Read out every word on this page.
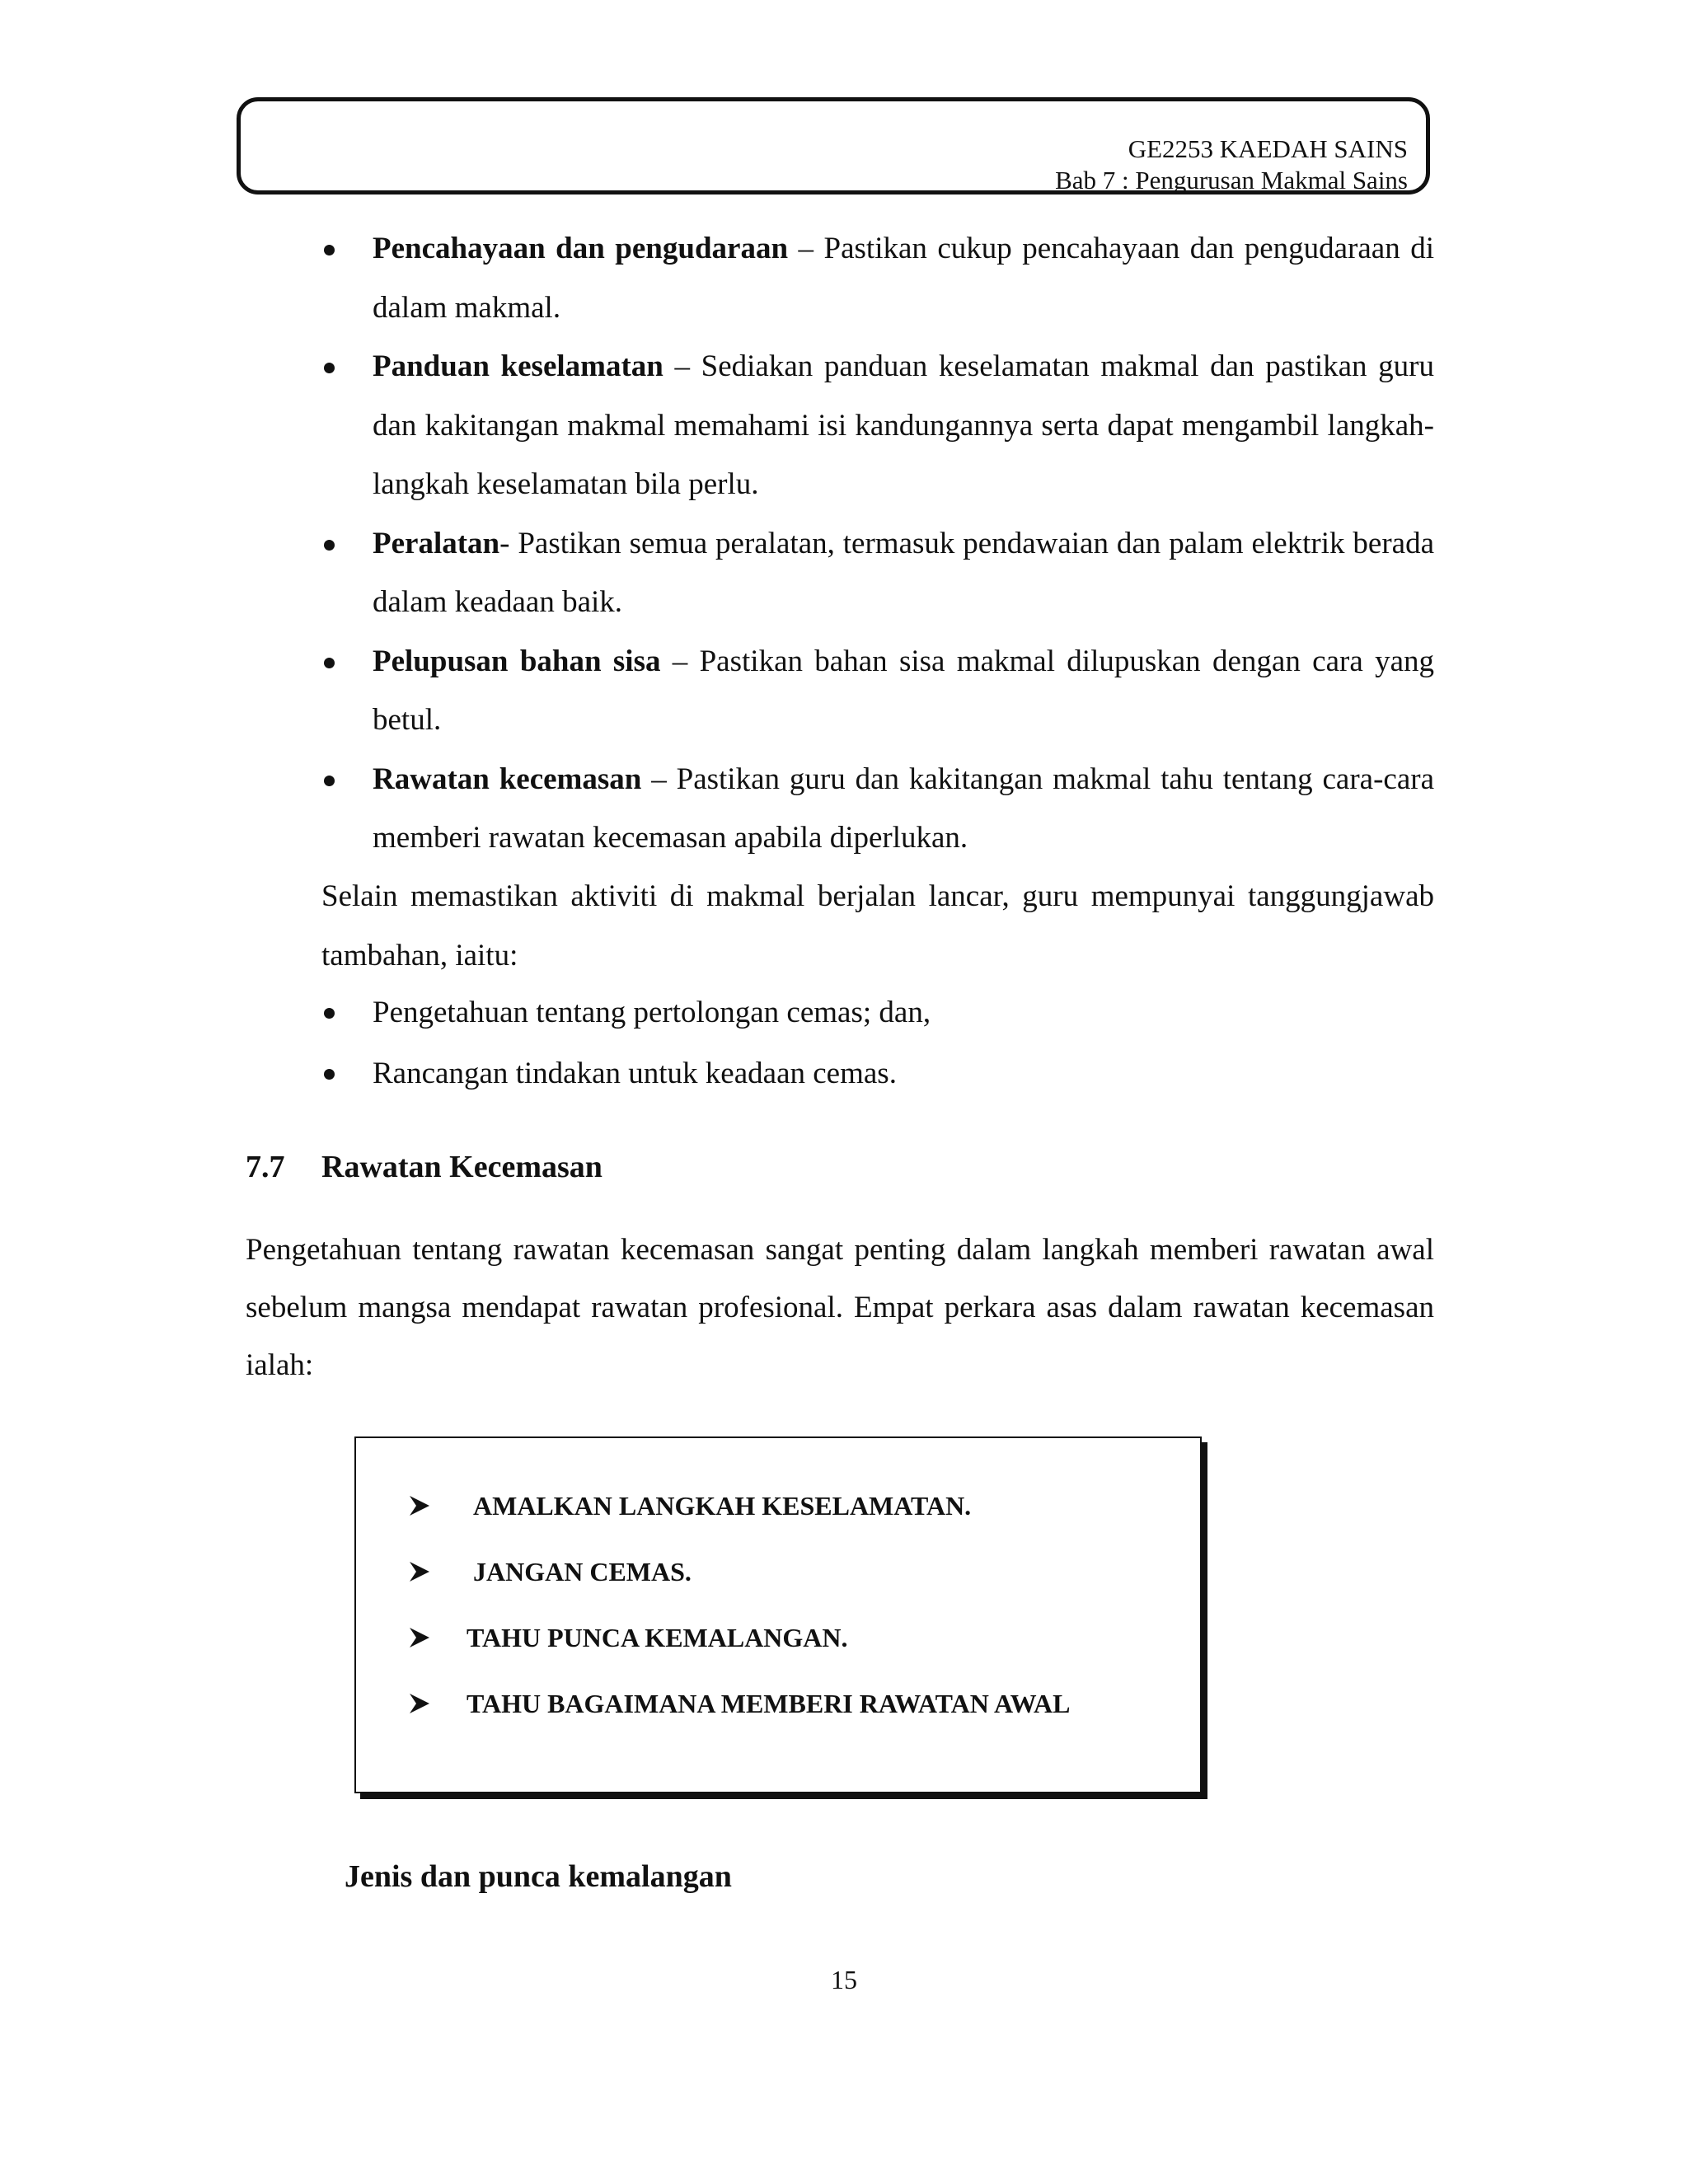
GE2253 KAEDAH SAINS
Bab 7 : Pengurusan Makmal Sains
Pencahayaan dan pengudaraan – Pastikan cukup pencahayaan dan pengudaraan di dalam makmal.
Panduan keselamatan – Sediakan panduan keselamatan makmal dan pastikan guru dan kakitangan makmal memahami isi kandungannya serta dapat mengambil langkah-langkah keselamatan bila perlu.
Peralatan- Pastikan semua peralatan, termasuk pendawaian dan palam elektrik berada dalam keadaan baik.
Pelupusan bahan sisa – Pastikan bahan sisa makmal dilupuskan dengan cara yang betul.
Rawatan kecemasan – Pastikan guru dan kakitangan makmal tahu tentang cara-cara memberi rawatan kecemasan apabila diperlukan.

Selain memastikan aktiviti di makmal berjalan lancar, guru mempunyai tanggungjawab tambahan, iaitu:

Pengetahuan tentang pertolongan cemas; dan,
Rancangan tindakan untuk keadaan cemas.
7.7 Rawatan Kecemasan

Pengetahuan tentang rawatan kecemasan sangat penting dalam langkah memberi rawatan awal sebelum mangsa mendapat rawatan profesional. Empat perkara asas dalam rawatan kecemasan ialah:

AMALKAN LANGKAH KESELAMATAN.
JANGAN CEMAS.
TAHU PUNCA KEMALANGAN.
TAHU BAGAIMANA MEMBERI RAWATAN AWAL
Jenis dan punca kemalangan
15
